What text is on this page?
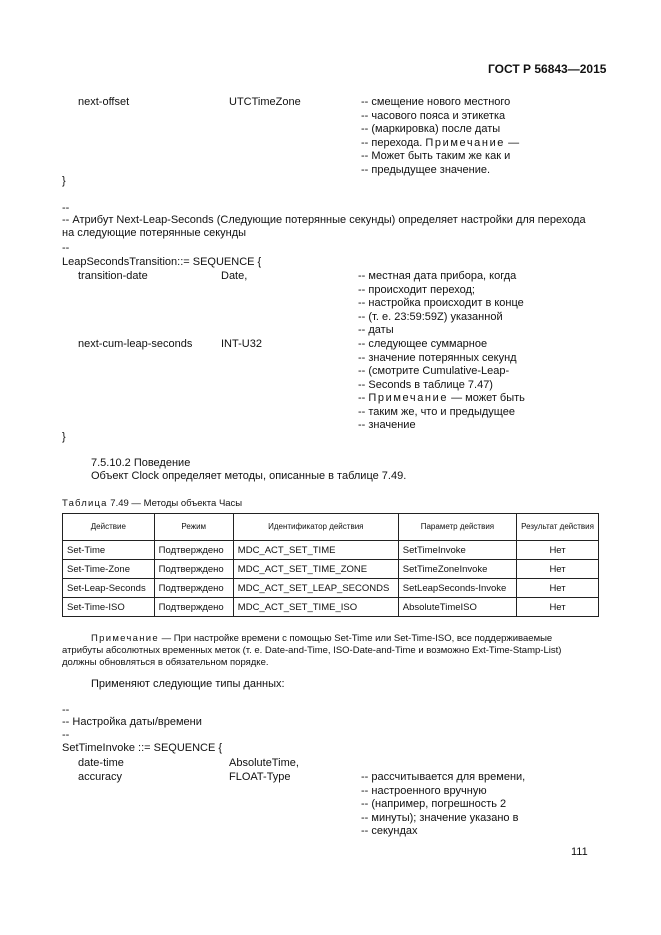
ГОСТ Р 56843—2015
next-offset	UTCTimeZone	-- смещение нового местного
-- часового пояса и этикетка
-- (маркировка) после даты
-- перехода. Примечание —
-- Может быть таким же как и
-- предыдущее значение.
}
--
-- Атрибут Next-Leap-Seconds (Следующие потерянные секунды) определяет настройки для перехода
на следующие потерянные секунды
--
LeapSecondsTransition::= SEQUENCE {
transition-date	Date,	-- местная дата прибора, когда
-- происходит переход;
-- настройка происходит в конце
-- (т. е. 23:59:59Z) указанной
-- даты
next-cum-leap-seconds	INT-U32	-- следующее суммарное
-- значение потерянных секунд
-- (смотрите Cumulative-Leap-
-- Seconds в таблице 7.47)
-- Примечание — может быть
-- таким же, что и предыдущее
-- значение
}
7.5.10.2 Поведение
Объект Clock определяет методы, описанные в таблице 7.49.
Таблица 7.49 — Методы объекта Часы
Действие	Режим	Идентификатор действия	Параметр действия	Результат действия
Set-Time	Подтверждено	MDC_ACT_SET_TIME	SetTimeInvoke	Нет
Set-Time-Zone	Подтверждено	MDC_ACT_SET_TIME_ZONE	SetTimeZoneInvoke	Нет
Set-Leap-Seconds	Подтверждено	MDC_ACT_SET_LEAP_SECONDS	SetLeapSeconds-Invoke	Нет
Set-Time-ISO	Подтверждено	MDC_ACT_SET_TIME_ISO	AbsoluteTimeISO	Нет
Примечание — При настройке времени с помощью Set-Time или Set-Time-ISO, все поддерживаемые
атрибуты абсолютных временных меток (т. е. Date-and-Time, ISO-Date-and-Time и возможно Ext-Time-Stamp-List)
должны обновляться в обязательном порядке.
Применяют следующие типы данных:
--
-- Настройка даты/времени
--
SetTimeInvoke ::= SEQUENCE {
date-time	AbsoluteTime,
accuracy	FLOAT-Type	-- рассчитывается для времени,
-- настроенного вручную
-- (например, погрешность 2
-- минуты); значение указано в
-- секундах
111
